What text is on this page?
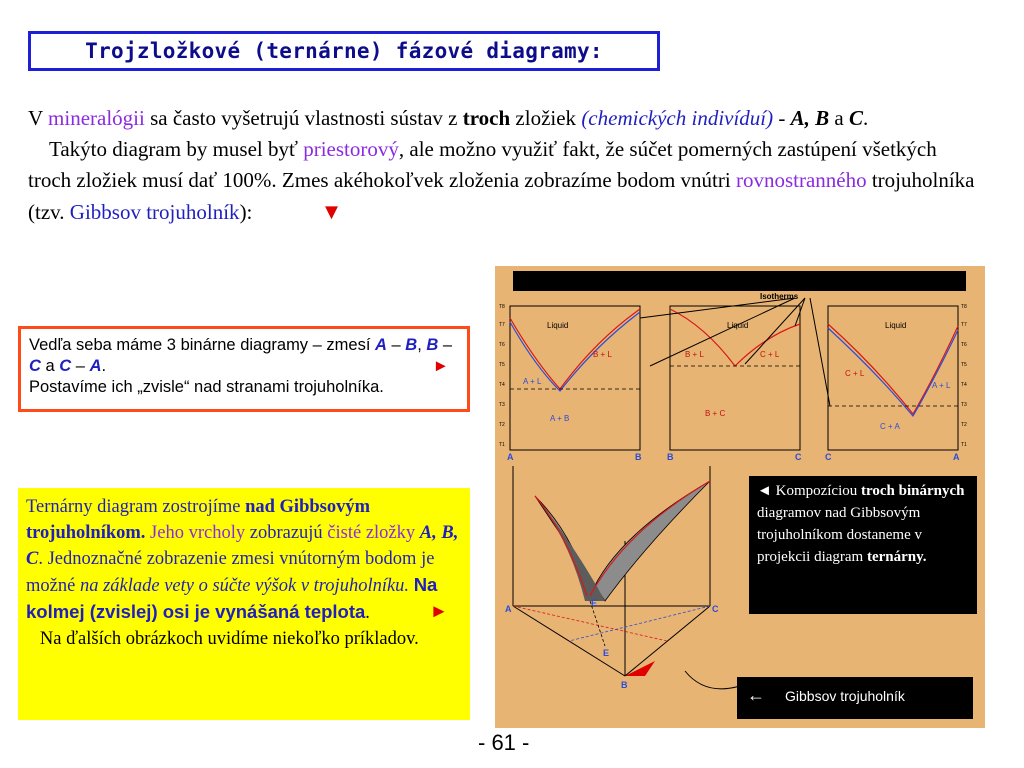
Trojzložkové (ternárne) fázové diagramy:

V mineralógii sa často vyšetrujú vlastnosti sústav z troch zložiek (chemických indivíduí) - A, B a C.

Takýto diagram by musel byť priestorový, ale možno využiť fakt, že súčet pomerných zastúpení všetkých troch zložiek musí dať 100%. Zmes akéhokoľvek zloženia zobrazíme bodom vnútri rovnostranného trojuholníka (tzv. Gibbsov trojuholník):	▼

Vedľa seba máme 3 binárne diagramy – zmesí A – B, B – C a C – A.	►

Postavíme ich „zvisle“ nad stranami trojuholníka.
Ternárny diagram zostrojíme nad Gibbsovým trojuholníkom. Jeho vrcholy zobrazujú čisté zložky A, B, C. Jednoznačné zobrazenie zmesi vnútorným bodom je možné na základe vety o súčte výšok v trojuholníku. Na kolmej (zvislej) osi je vynášaná teplota.	►

Na ďalších obrázkoch uvidíme niekoľko príkladov.
Isotherms
Liquid	Liquid	Liquid
B + L	B + L	C + L
C + L
A + L	A + L
A + B
B + C
C + A
T8
T7
T6
T5
T4
T3
T2
T1
T8
T7
T6
T5
T4
T3
T2
T1
A	B	B	C	C	A
A	C
B
E
E
◄ Kompozíciou troch binárnych diagramov nad Gibbsovým trojuholníkom dostaneme v projekcii diagram ternárny.
← Gibbsov trojuholník
- 61 -
